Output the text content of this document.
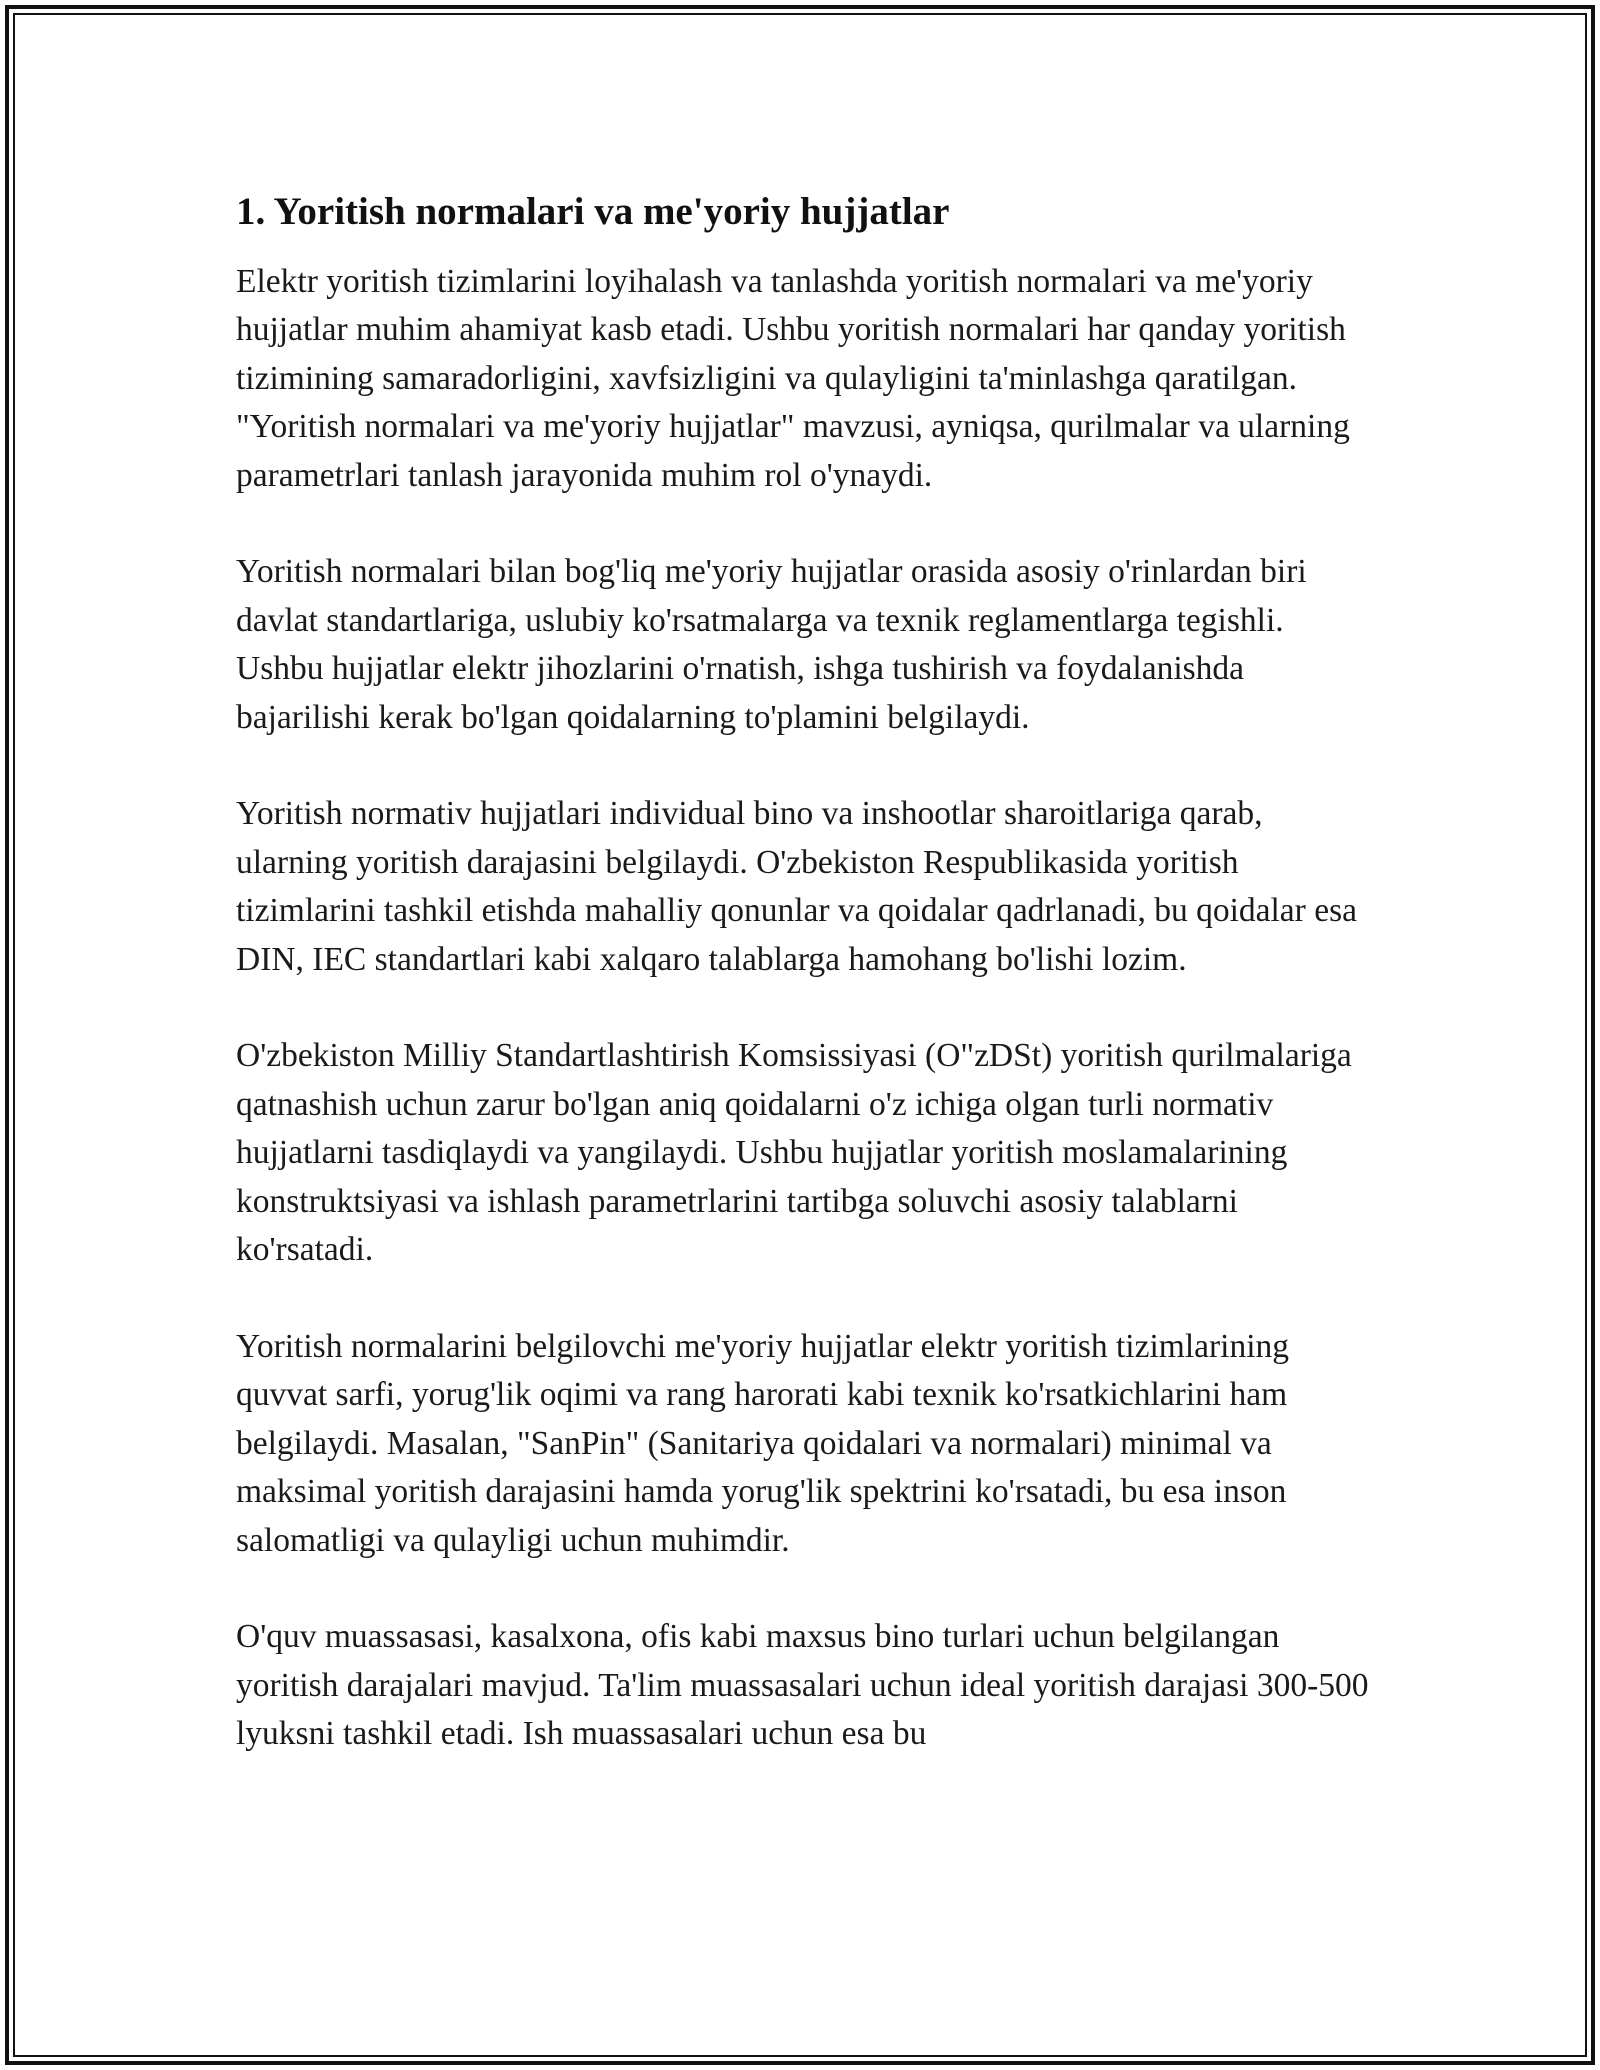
1. Yoritish normalari va me'yoriy hujjatlar

Elektr yoritish tizimlarini loyihalash va tanlashda yoritish normalari va me'yoriy hujjatlar muhim ahamiyat kasb etadi. Ushbu yoritish normalari har qanday yoritish tizimining samaradorligini, xavfsizligini va qulayligini ta'minlashga qaratilgan. "Yoritish normalari va me'yoriy hujjatlar" mavzusi, ayniqsa, qurilmalar va ularning parametrlari tanlash jarayonida muhim rol o'ynaydi.

Yoritish normalari bilan bog'liq me'yoriy hujjatlar orasida asosiy o'rinlardan biri davlat standartlariga, uslubiy ko'rsatmalarga va texnik reglamentlarga tegishli. Ushbu hujjatlar elektr jihozlarini o'rnatish, ishga tushirish va foydalanishda bajarilishi kerak bo'lgan qoidalarning to'plamini belgilaydi.

Yoritish normativ hujjatlari individual bino va inshootlar sharoitlariga qarab, ularning yoritish darajasini belgilaydi. O'zbekiston Respublikasida yoritish tizimlarini tashkil etishda mahalliy qonunlar va qoidalar qadrlanadi, bu qoidalar esa DIN, IEC standartlari kabi xalqaro talablarga hamohang bo'lishi lozim.

O'zbekiston Milliy Standartlashtirish Komsissiyasi (O"zDSt) yoritish qurilmalariga qatnashish uchun zarur bo'lgan aniq qoidalarni o'z ichiga olgan turli normativ hujjatlarni tasdiqlaydi va yangilaydi. Ushbu hujjatlar yoritish moslamalarining konstruktsiyasi va ishlash parametrlarini tartibga soluvchi asosiy talablarni ko'rsatadi.

Yoritish normalarini belgilovchi me'yoriy hujjatlar elektr yoritish tizimlarining quvvat sarfi, yorug'lik oqimi va rang harorati kabi texnik ko'rsatkichlarini ham belgilaydi. Masalan, "SanPin" (Sanitariya qoidalari va normalari) minimal va maksimal yoritish darajasini hamda yorug'lik spektrini ko'rsatadi, bu esa inson salomatligi va qulayligi uchun muhimdir.

O'quv muassasasi, kasalxona, ofis kabi maxsus bino turlari uchun belgilangan yoritish darajalari mavjud. Ta'lim muassasalari uchun ideal yoritish darajasi 300-500 lyuksni tashkil etadi. Ish muassasalari uchun esa bu
